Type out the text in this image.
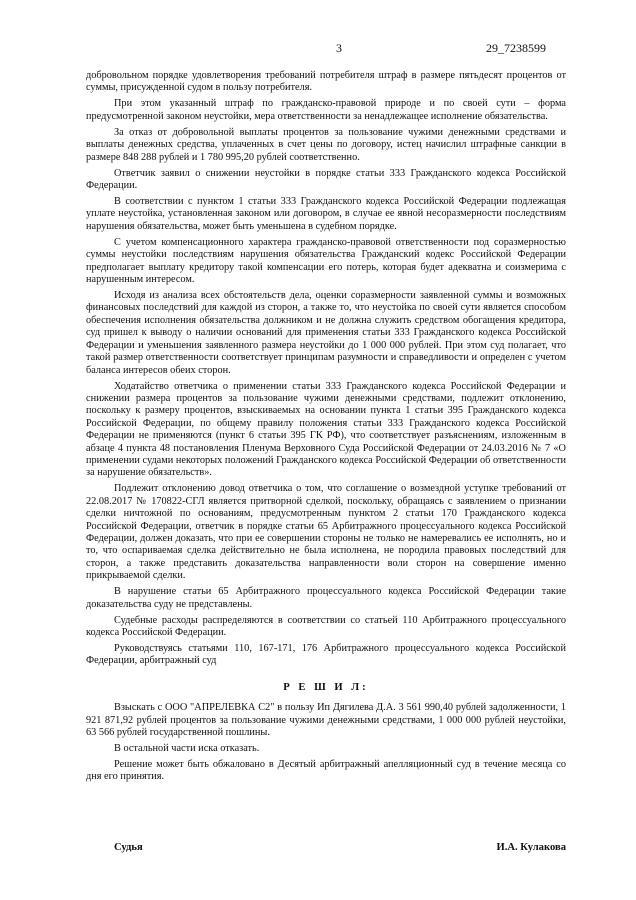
3	29_7238599

добровольном порядке удовлетворения требований потребителя штраф в размере пятьдесят процентов от суммы, присужденной судом в пользу потребителя.

При этом указанный штраф по гражданско-правовой природе и по своей сути – форма предусмотренной законом неустойки, мера ответственности за ненадлежащее исполнение обязательства.

За отказ от добровольной выплаты процентов за пользование чужими денежными средствами и выплаты денежных средства, уплаченных в счет цены по договору, истец начислил штрафные санкции в размере 848 288 рублей и 1 780 995,20 рублей соответственно.

Ответчик заявил о снижении неустойки в порядке статьи 333 Гражданского кодекса Российской Федерации.

В соответствии с пунктом 1 статьи 333 Гражданского кодекса Российской Федерации подлежащая уплате неустойка, установленная законом или договором, в случае ее явной несоразмерности последствиям нарушения обязательства, может быть уменьшена в судебном порядке.

С учетом компенсационного характера гражданско-правовой ответственности под соразмерностью суммы неустойки последствиям нарушения обязательства Гражданский кодекс Российской Федерации предполагает выплату кредитору такой компенсации его потерь, которая будет адекватна и соизмерима с нарушенным интересом.

Исходя из анализа всех обстоятельств дела, оценки соразмерности заявленной суммы и возможных финансовых последствий для каждой из сторон, а также то, что неустойка по своей сути является способом обеспечения исполнения обязательства должником и не должна служить средством обогащения кредитора, суд пришел к выводу о наличии оснований для применения статьи 333 Гражданского кодекса Российской Федерации и уменьшения заявленного размера неустойки до 1 000 000 рублей. При этом суд полагает, что такой размер ответственности соответствует принципам разумности и справедливости и определен с учетом баланса интересов обеих сторон.

Ходатайство ответчика о применении статьи 333 Гражданского кодекса Российской Федерации и снижении размера процентов за пользование чужими денежными средствами, подлежит отклонению, поскольку к размеру процентов, взыскиваемых на основании пункта 1 статьи 395 Гражданского кодекса Российской Федерации, по общему правилу положения статьи 333 Гражданского кодекса Российской Федерации не применяются (пункт 6 статьи 395 ГК РФ), что соответствует разъяснениям, изложенным в абзаце 4 пункта 48 постановления Пленума Верховного Суда Российской Федерации от 24.03.2016 № 7 «О применении судами некоторых положений Гражданского кодекса Российской Федерации об ответственности за нарушение обязательств».

Подлежит отклонению довод ответчика о том, что соглашение о возмездной уступке требований от 22.08.2017 № 170822-СГЛ является притворной сделкой, поскольку, обращаясь с заявлением о признании сделки ничтожной по основаниям, предусмотренным пунктом 2 статьи 170 Гражданского кодекса Российской Федерации, ответчик в порядке статьи 65 Арбитражного процессуального кодекса Российской Федерации, должен доказать, что при ее совершении стороны не только не намеревались ее исполнять, но и то, что оспариваемая сделка действительно не была исполнена, не породила правовых последствий для сторон, а также представить доказательства направленности воли сторон на совершение именно прикрываемой сделки.

В нарушение статьи 65 Арбитражного процессуального кодекса Российской Федерации такие доказательства суду не представлены.

Судебные расходы распределяются в соответствии со статьей 110 Арбитражного процессуального кодекса Российской Федерации.

Руководствуясь статьями 110, 167-171, 176 Арбитражного процессуального кодекса Российской Федерации, арбитражный суд

Р Е Ш И Л:

Взыскать с ООО "АПРЕЛЕВКА С2" в пользу Ип Дягилева Д.А. 3 561 990,40 рублей задолженности, 1 921 871,92 рублей процентов за пользование чужими денежными средствами, 1 000 000 рублей неустойки, 63 566 рублей государственной пошлины.

В остальной части иска отказать.

Решение может быть обжаловано в Десятый арбитражный апелляционный суд в течение месяца со дня его принятия.

Судья	И.А. Кулакова
